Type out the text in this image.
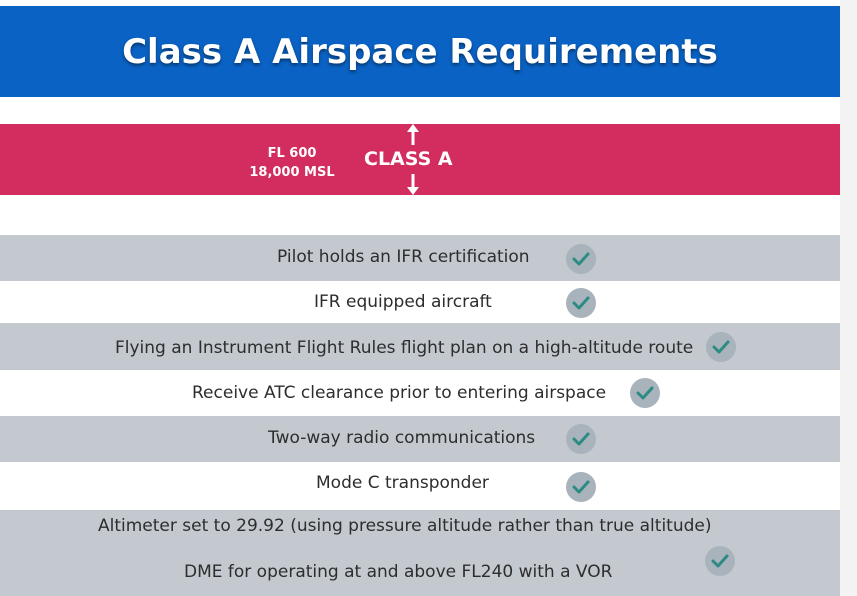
Class A Airspace Requirements
FL 600
18,000 MSL
CLASS A
Pilot holds an IFR certification
IFR equipped aircraft
Flying an Instrument Flight Rules flight plan on a high-altitude route
Receive ATC clearance prior to entering airspace
Two-way radio communications
Mode C transponder
Altimeter set to 29.92 (using pressure altitude rather than true altitude)
DME for operating at and above FL240 with a VOR
